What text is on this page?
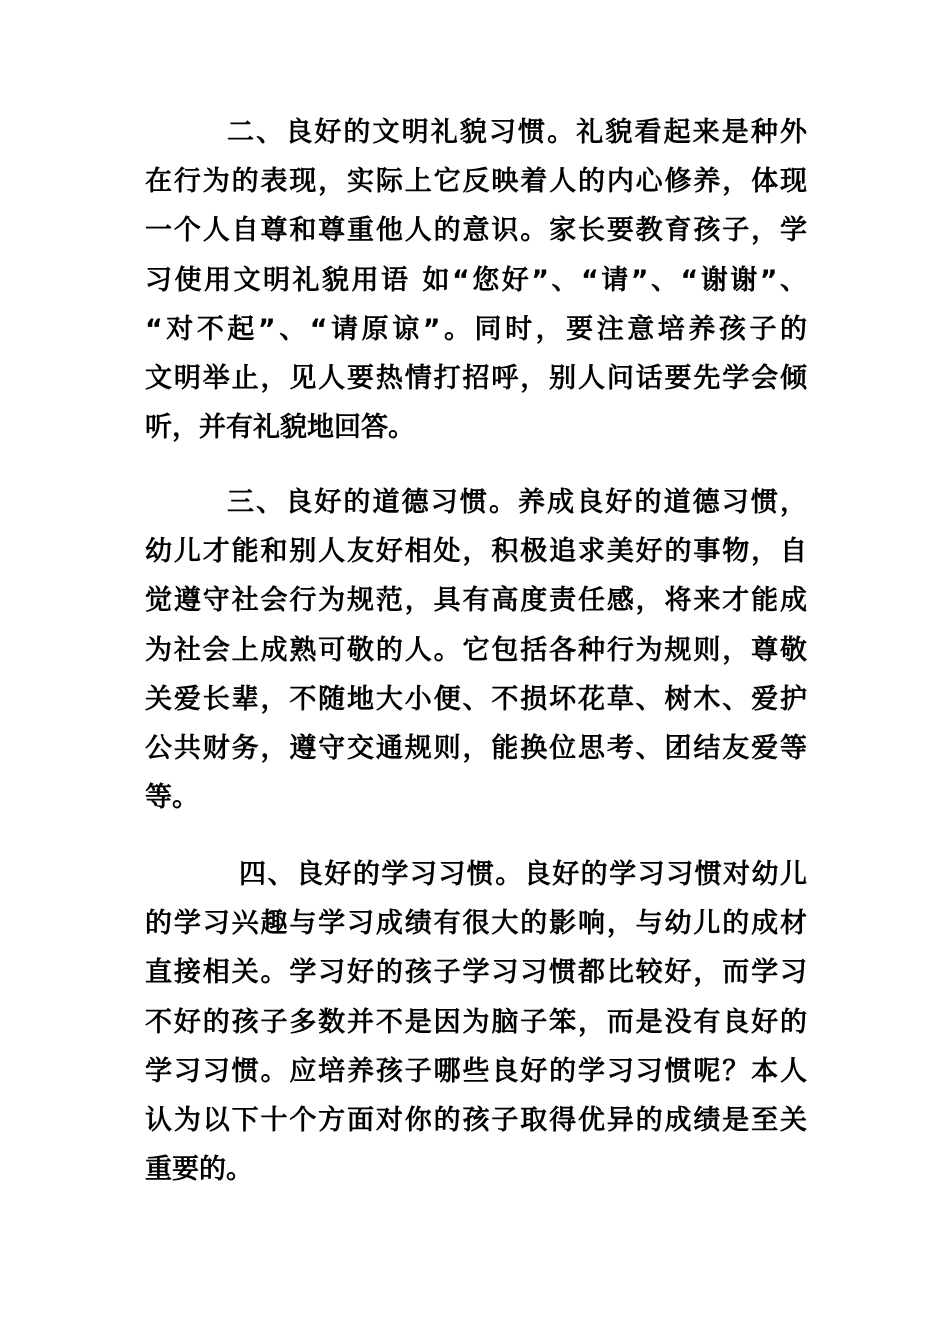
二、良好的文明礼貌习惯。礼貌看起来是种外
在行为的表现，实际上它反映着人的内心修养，体现
一个人自尊和尊重他人的意识。家长要教育孩子，学
习使用文明礼貌用语 如“您好”、“请”、“谢谢”、
“对不起”、“请原谅”。同时，要注意培养孩子的
文明举止，见人要热情打招呼，别人问话要先学会倾
听，并有礼貌地回答。
三、良好的道德习惯。养成良好的道德习惯，
幼儿才能和别人友好相处，积极追求美好的事物，自
觉遵守社会行为规范，具有高度责任感，将来才能成
为社会上成熟可敬的人。它包括各种行为规则，尊敬
关爱长辈，不随地大小便、不损坏花草、树木、爱护
公共财务，遵守交通规则，能换位思考、团结友爱等
等。
四、良好的学习习惯。良好的学习习惯对幼儿
的学习兴趣与学习成绩有很大的影响，与幼儿的成材
直接相关。学习好的孩子学习习惯都比较好，而学习
不好的孩子多数并不是因为脑子笨，而是没有良好的
学习习惯。应培养孩子哪些良好的学习习惯呢？本人
认为以下十个方面对你的孩子取得优异的成绩是至关
重要的。
